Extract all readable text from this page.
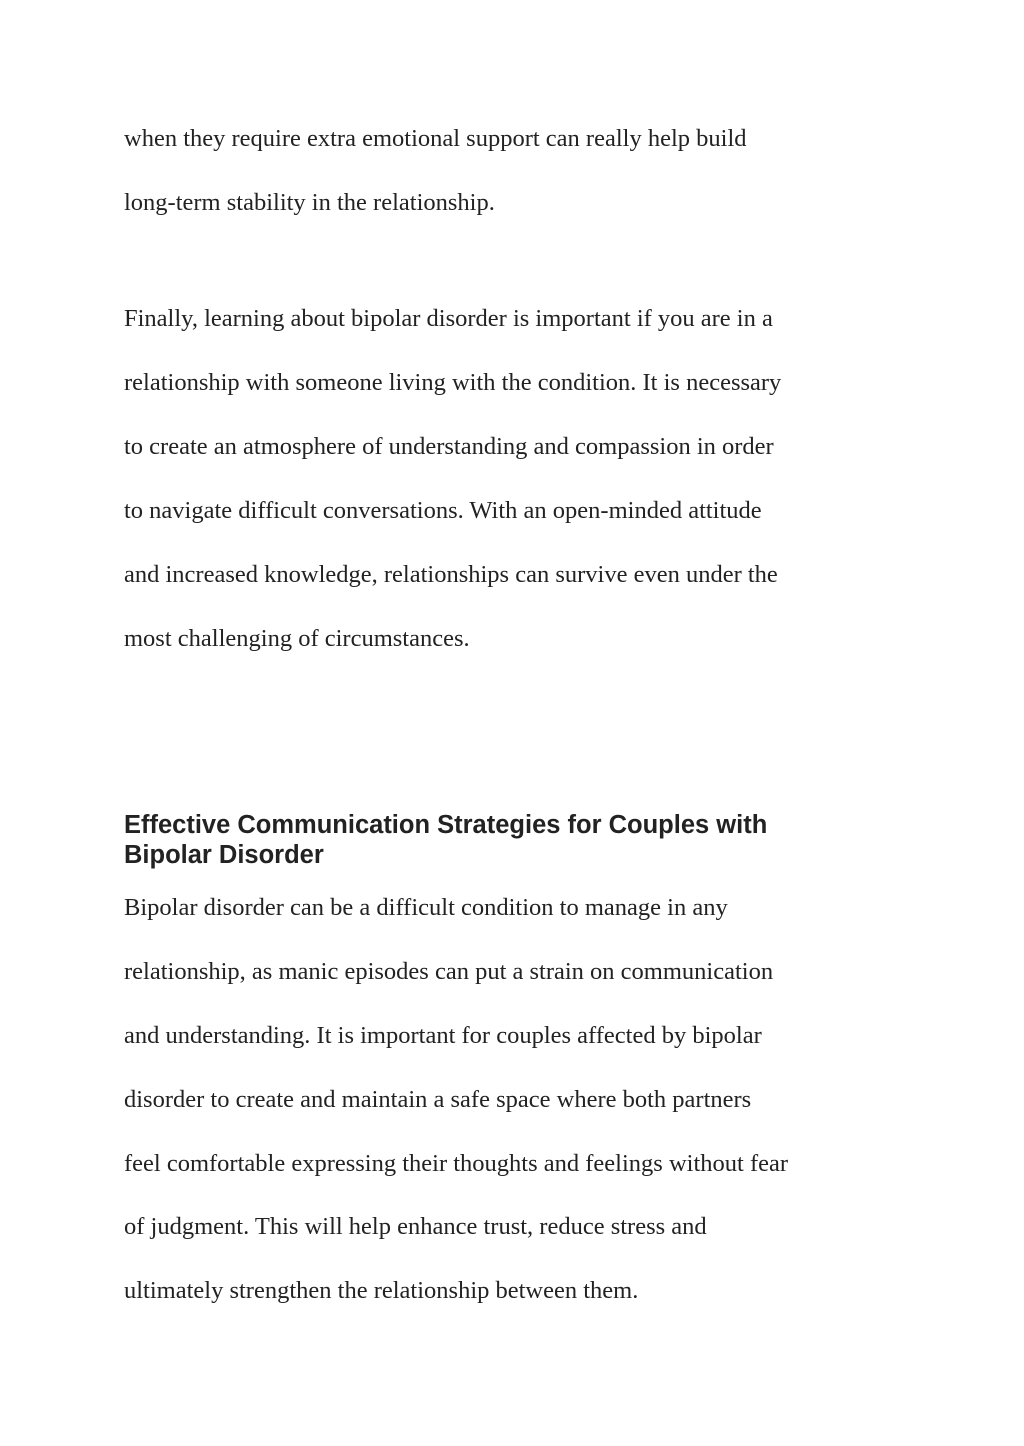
when they require extra emotional support can really help build

long-term stability in the relationship.

Finally, learning about bipolar disorder is important if you are in a

relationship with someone living with the condition. It is necessary

to create an atmosphere of understanding and compassion in order

to navigate difficult conversations. With an open-minded attitude

and increased knowledge, relationships can survive even under the

most challenging of circumstances.

Effective Communication Strategies for Couples with
Bipolar Disorder

Bipolar disorder can be a difficult condition to manage in any

relationship, as manic episodes can put a strain on communication

and understanding. It is important for couples affected by bipolar

disorder to create and maintain a safe space where both partners

feel comfortable expressing their thoughts and feelings without fear

of judgment. This will help enhance trust, reduce stress and

ultimately strengthen the relationship between them.
